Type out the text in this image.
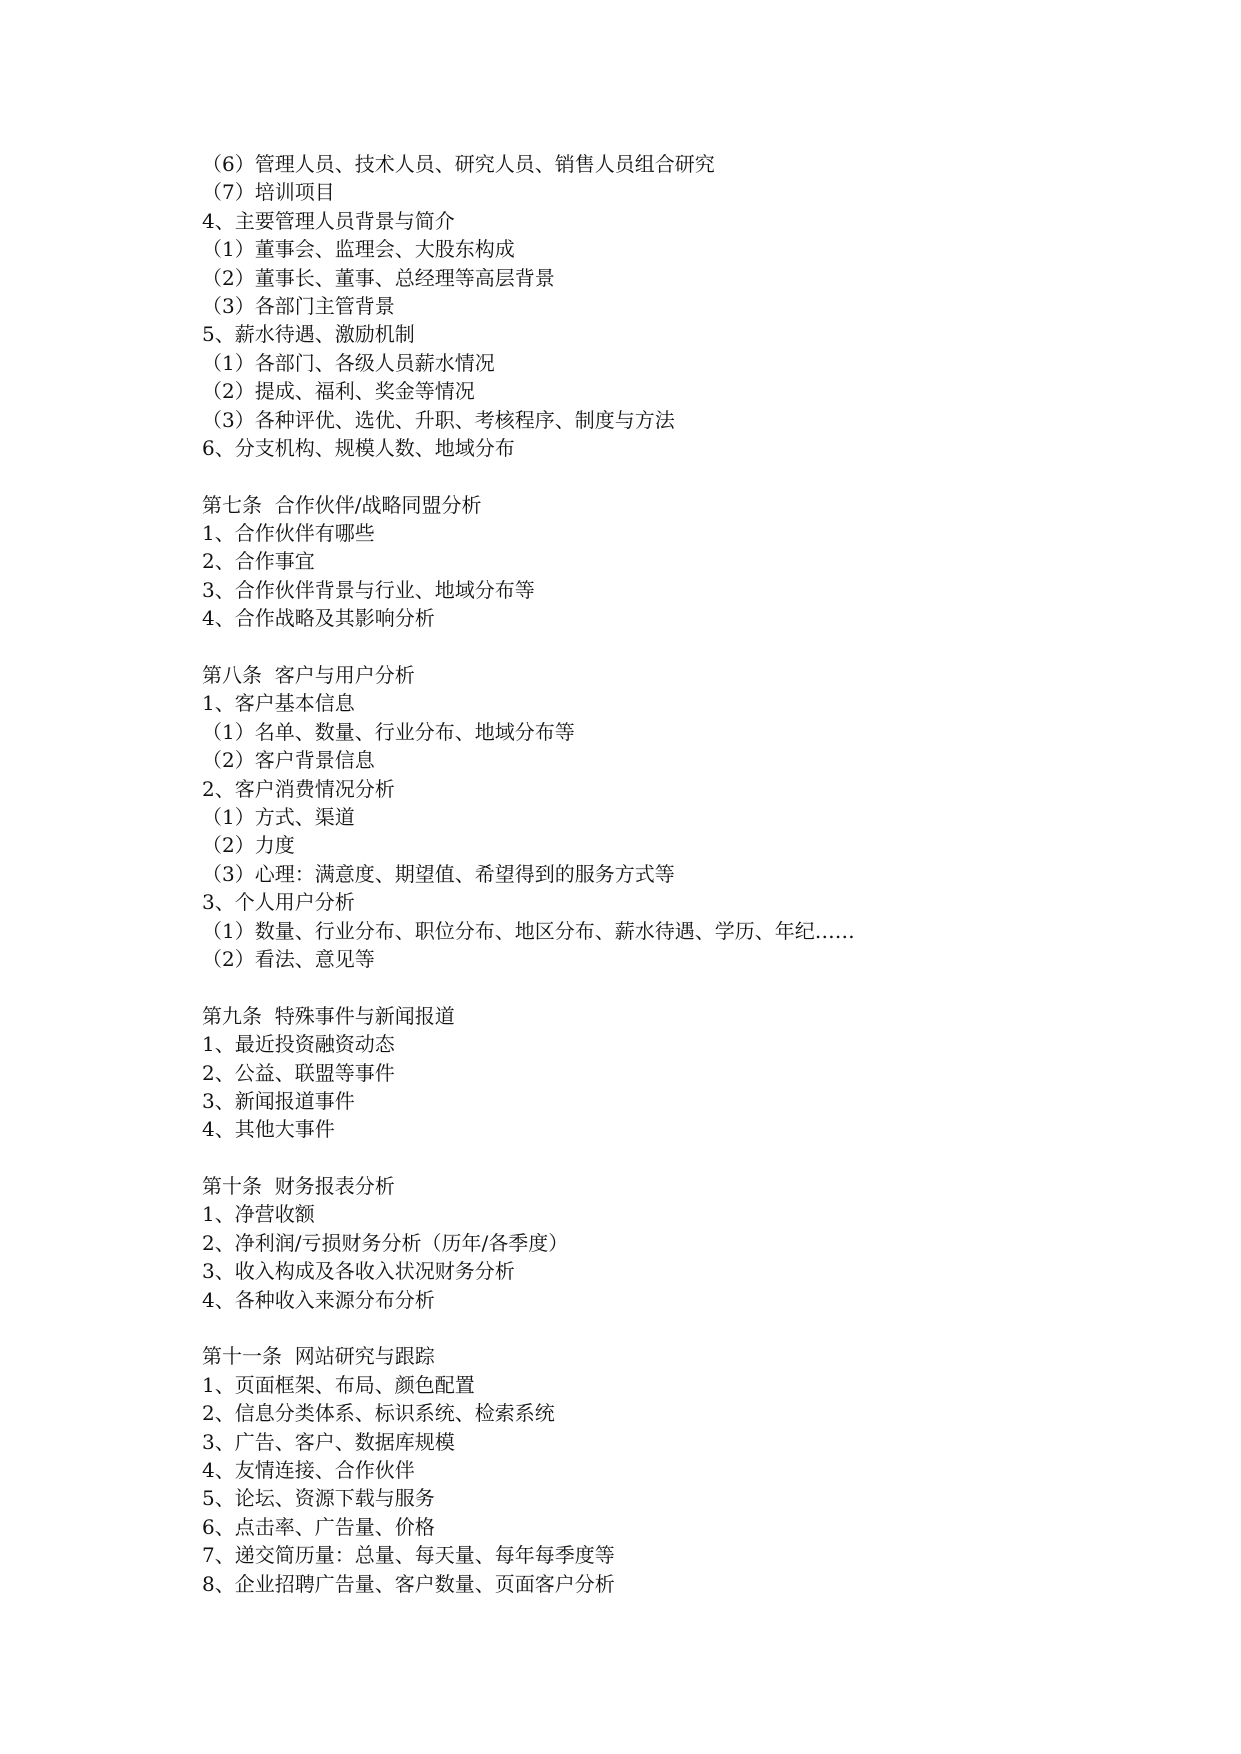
（6）管理人员、技术人员、研究人员、销售人员组合研究
（7）培训项目
4、主要管理人员背景与简介
（1）董事会、监理会、大股东构成
（2）董事长、董事、总经理等高层背景
（3）各部门主管背景
5、薪水待遇、激励机制
（1）各部门、各级人员薪水情况
（2）提成、福利、奖金等情况
（3）各种评优、选优、升职、考核程序、制度与方法
6、分支机构、规模人数、地域分布
第七条  合作伙伴/战略同盟分析
1、合作伙伴有哪些
2、合作事宜
3、合作伙伴背景与行业、地域分布等
4、合作战略及其影响分析
第八条  客户与用户分析
1、客户基本信息
（1）名单、数量、行业分布、地域分布等
（2）客户背景信息
2、客户消费情况分析
（1）方式、渠道
（2）力度
（3）心理：满意度、期望值、希望得到的服务方式等
3、个人用户分析
（1）数量、行业分布、职位分布、地区分布、薪水待遇、学历、年纪……
（2）看法、意见等
第九条  特殊事件与新闻报道
1、最近投资融资动态
2、公益、联盟等事件
3、新闻报道事件
4、其他大事件
第十条  财务报表分析
1、净营收额
2、净利润/亏损财务分析（历年/各季度）
3、收入构成及各收入状况财务分析
4、各种收入来源分布分析
第十一条  网站研究与跟踪
1、页面框架、布局、颜色配置
2、信息分类体系、标识系统、检索系统
3、广告、客户、数据库规模
4、友情连接、合作伙伴
5、论坛、资源下载与服务
6、点击率、广告量、价格
7、递交简历量：总量、每天量、每年每季度等
8、企业招聘广告量、客户数量、页面客户分析
